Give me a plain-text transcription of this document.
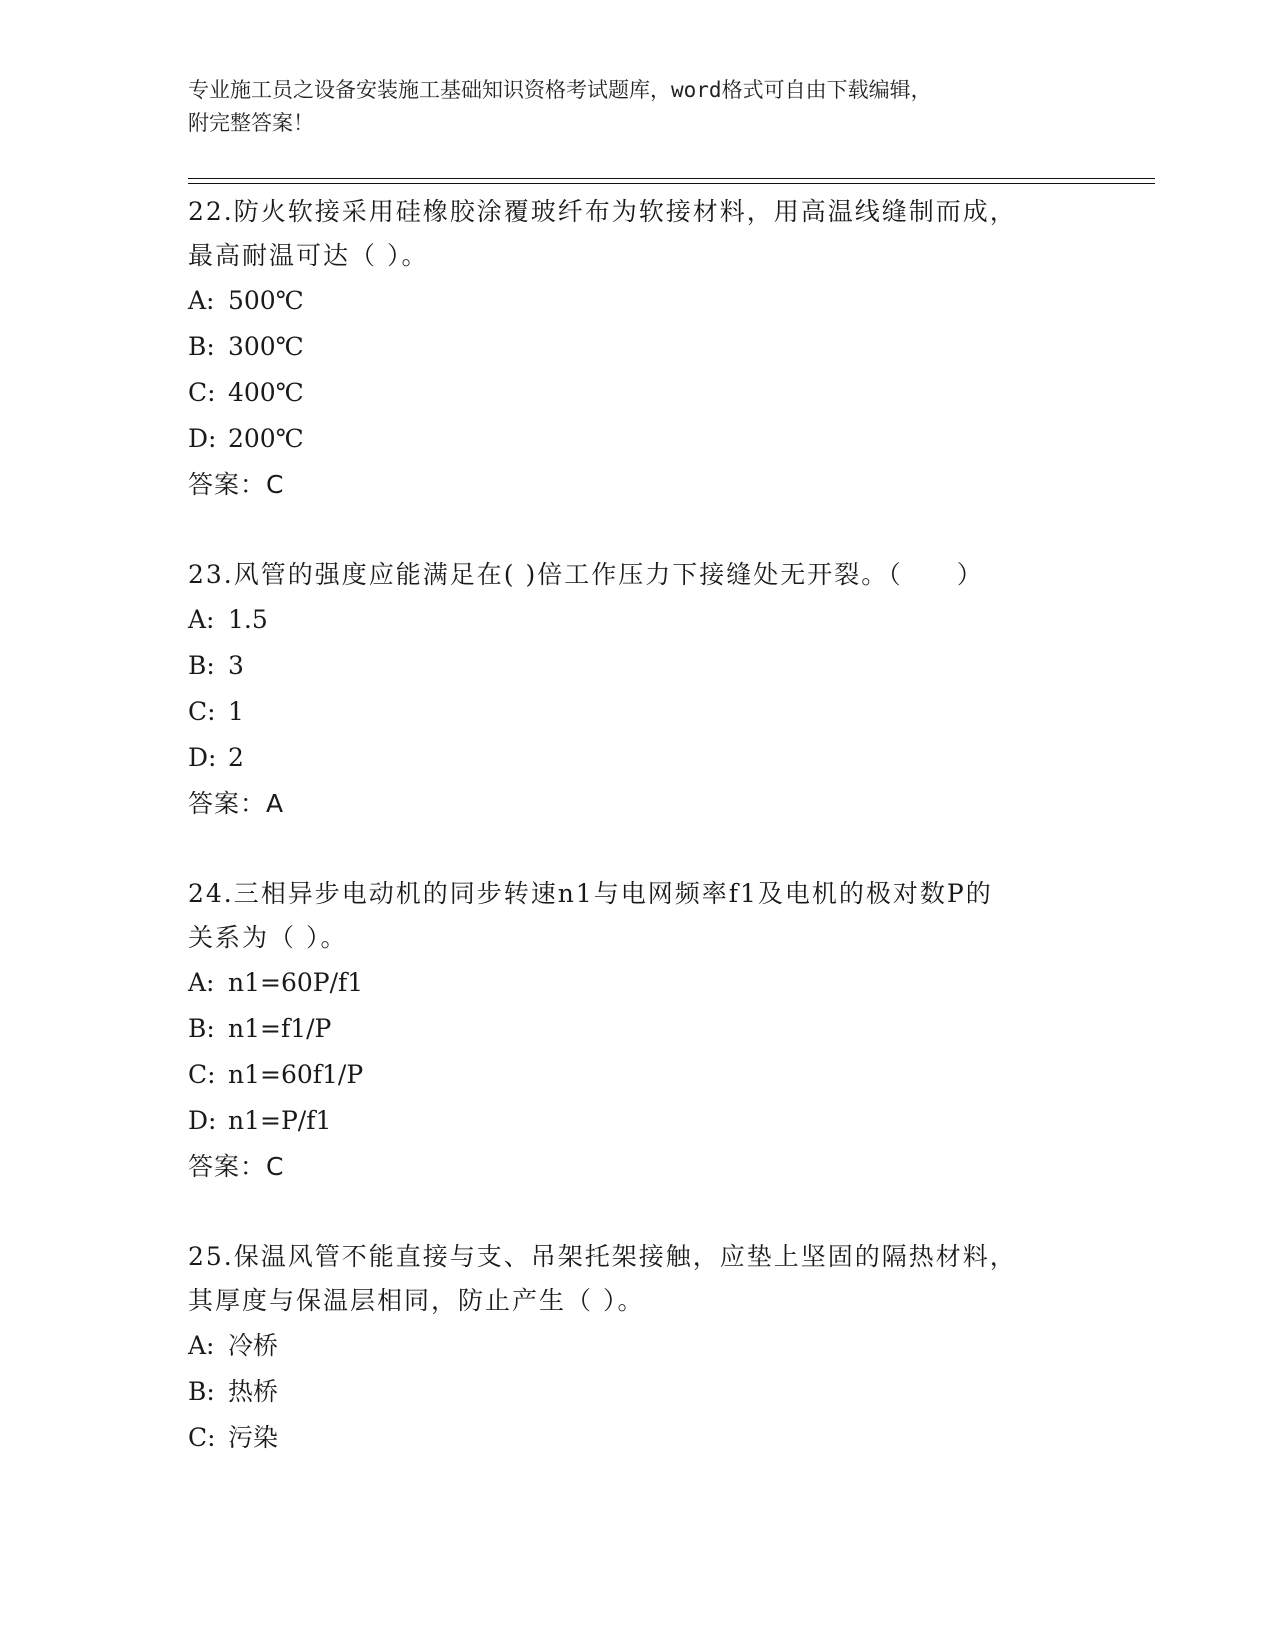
专业施工员之设备安装施工基础知识资格考试题库，word格式可自由下载编辑，
附完整答案！
22.防火软接采用硅橡胶涂覆玻纤布为软接材料，用高温线缝制而成，
最高耐温可达（ ）。
A: 500℃
B: 300℃
C: 400℃
D: 200℃
答案：C
23.风管的强度应能满足在( )倍工作压力下接缝处无开裂。（　　）
A: 1.5
B: 3
C: 1
D: 2
答案：A
24.三相异步电动机的同步转速n1与电网频率f1及电机的极对数P的
关系为（ ）。
A: n1=60P/f1
B: n1=f1/P
C: n1=60f1/P
D: n1=P/f1
答案：C
25.保温风管不能直接与支、吊架托架接触，应垫上坚固的隔热材料，
其厚度与保温层相同，防止产生（ ）。
A: 冷桥
B: 热桥
C: 污染
